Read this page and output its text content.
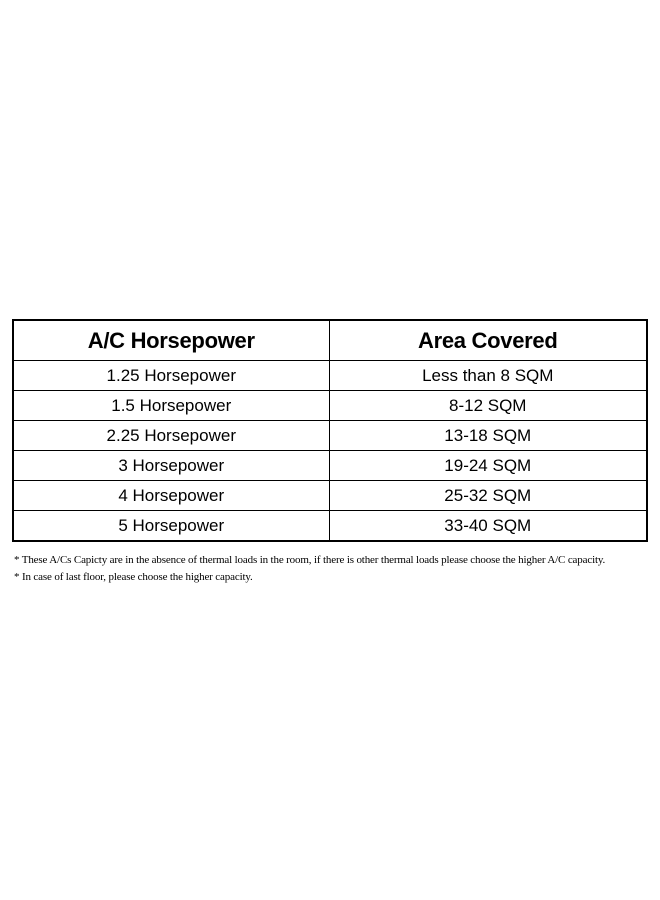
A/C Horsepower	Area Covered
1.25 Horsepower	Less than 8 SQM
1.5 Horsepower	8-12 SQM
2.25 Horsepower	13-18 SQM
3 Horsepower	19-24 SQM
4 Horsepower	25-32 SQM
5 Horsepower	33-40 SQM

* These A/Cs Capicty are in the absence of thermal loads in the room, if there is other thermal loads please choose the higher A/C capacity.

* In case of last floor, please choose the higher capacity.
